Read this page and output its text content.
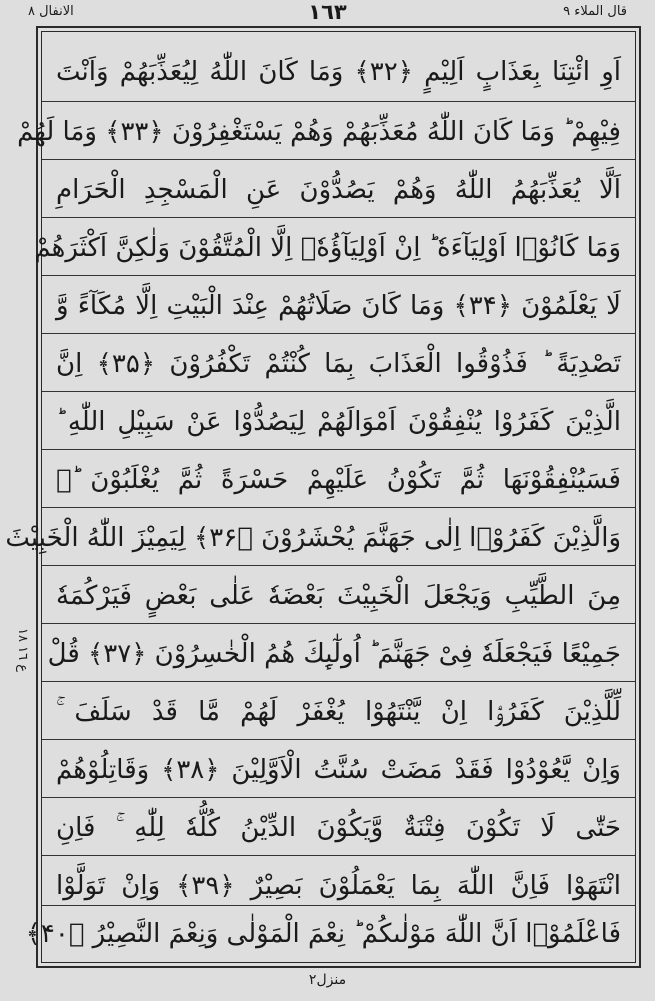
قال الملاء ٩
١٦٣
الانفال ٨
اَوِ ائْتِنَا بِعَذَابٍ اَلِیْمٍ ﴿۳۲﴾ وَمَا كَانَ اللّٰهُ لِیُعَذِّبَهُمْ وَاَنْتَ
فِیْهِمْ ؕ وَمَا كَانَ اللّٰهُ مُعَذِّبَهُمْ وَهُمْ یَسْتَغْفِرُوْنَ ﴿۳۳﴾ وَمَا لَهُمْ
اَلَّا یُعَذِّبَهُمُ اللّٰهُ وَهُمْ یَصُدُّوْنَ عَنِ الْمَسْجِدِ الْحَرَامِ
وَمَا كَانُوْۤا اَوْلِیَآءَهٗ ؕ اِنْ اَوْلِیَآؤُهٗۤ اِلَّا الْمُتَّقُوْنَ وَلٰكِنَّ اَكْثَرَهُمْ
لَا یَعْلَمُوْنَ ﴿۳۴﴾ وَمَا كَانَ صَلَاتُهُمْ عِنْدَ الْبَیْتِ اِلَّا مُكَآءً وَّ
تَصْدِیَةً ؕ فَذُوْقُوا الْعَذَابَ بِمَا كُنْتُمْ تَكْفُرُوْنَ ﴿۳۵﴾ اِنَّ
الَّذِیْنَ كَفَرُوْا یُنْفِقُوْنَ اَمْوَالَهُمْ لِیَصُدُّوْا عَنْ سَبِیْلِ اللّٰهِ ؕ
فَسَیُنْفِقُوْنَهَا ثُمَّ تَكُوْنُ عَلَیْهِمْ حَسْرَةً ثُمَّ یُغْلَبُوْنَ ؕ۬
وَالَّذِیْنَ كَفَرُوْۤا اِلٰى جَهَنَّمَ یُحْشَرُوْنَ ﴿۳۶﴾ لِیَمِیْزَ اللّٰهُ الْخَبِیْثَ
مِنَ الطَّیِّبِ وَیَجْعَلَ الْخَبِیْثَ بَعْضَهٗ عَلٰى بَعْضٍ فَیَرْكُمَهٗ
جَمِیْعًا فَیَجْعَلَهٗ فِیْ جَهَنَّمَ ؕ اُولٰٓىِٕكَ هُمُ الْخٰسِرُوْنَ ﴿۳۷﴾ قُلْ
لِّلَّذِیْنَ كَفَرُوْۤا اِنْ یَّنْتَهُوْا یُغْفَرْ لَهُمْ مَّا قَدْ سَلَفَ ۚ
وَاِنْ یَّعُوْدُوْا فَقَدْ مَضَتْ سُنَّتُ الْاَوَّلِیْنَ ﴿۳۸﴾ وَقَاتِلُوْهُمْ
حَتّٰى لَا تَكُوْنَ فِتْنَةٌ وَّیَكُوْنَ الدِّیْنُ كُلُّهٗ لِلّٰهِ ۚ فَاِنِ
انْتَهَوْا فَاِنَّ اللّٰهَ بِمَا یَعْمَلُوْنَ بَصِیْرٌ ﴿۳۹﴾ وَاِنْ تَوَلَّوْا
فَاعْلَمُوْۤا اَنَّ اللّٰهَ مَوْلٰىكُمْ ؕ نِعْمَ الْمَوْلٰى وَنِعْمَ النَّصِیْرُ ﴿۴۰﴾
ع ١٦ ١٨
منزل۲
